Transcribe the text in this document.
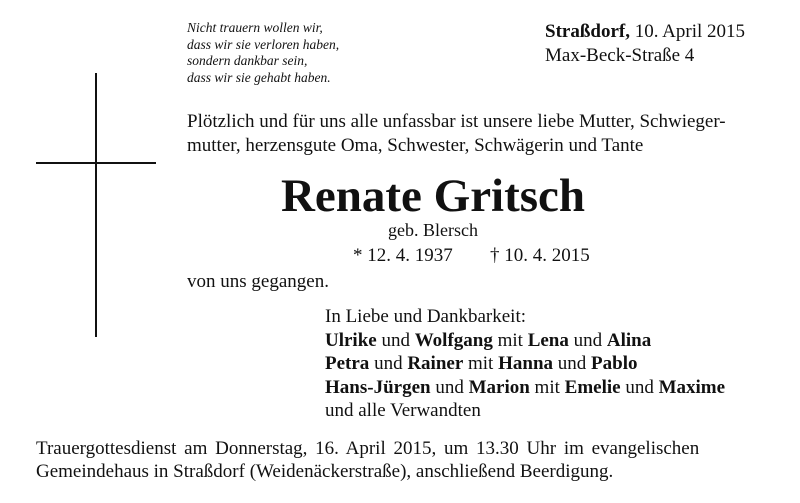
Nicht trauern wollen wir,
dass wir sie verloren haben,
sondern dankbar sein,
dass wir sie gehabt haben.
Straßdorf, 10. April 2015
Max-Beck-Straße 4
Plötzlich und für uns alle unfassbar ist unsere liebe Mutter, Schwieger-
mutter, herzensgute Oma, Schwester, Schwägerin und Tante
Renate Gritsch
geb. Blersch
* 12. 4. 1937 † 10. 4. 2015
von uns gegangen.
In Liebe und Dankbarkeit:
Ulrike und Wolfgang mit Lena und Alina
Petra und Rainer mit Hanna und Pablo
Hans-Jürgen und Marion mit Emelie und Maxime
und alle Verwandten
Trauergottesdienst am Donnerstag, 16. April 2015, um 13.30 Uhr im evangelischen
Gemeindehaus in Straßdorf (Weidenäckerstraße), anschließend Beerdigung.
